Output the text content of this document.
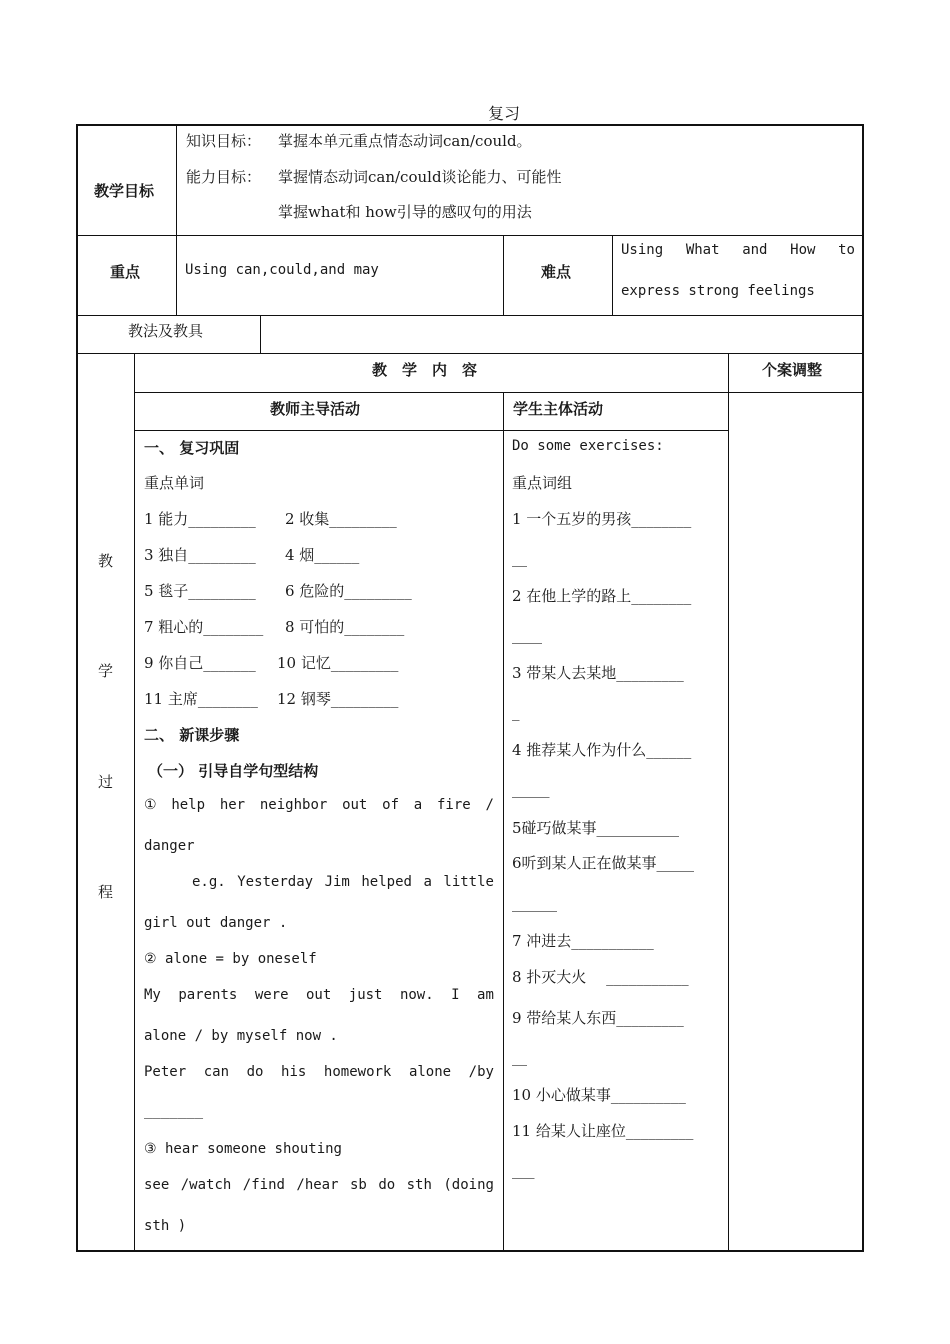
复习
教学目标
知识目标： 掌握本单元重点情态动词can/could。
能力目标： 掌握情态动词can/could谈论能力、可能性
掌握what和 how引导的感叹句的用法
重点	Using can,could,and may	难点
Using What and How to
express strong feelings
教法及教具
教
学
过
程
教　学　内　容	个案调整
教师主导活动	学生主体活动
一、 复习巩固
重点单词
1 能力_________ 2 收集_________
3 独自_________ 4 烟______
5 毯子_________ 6 危险的_________
7 粗心的________ 8 可怕的________
9 你自己_______ 10 记忆_________
11 主席________ 12 钢琴_________
二、 新课步骤
（一） 引导自学句型结构
① help her neighbor out of a fire /
danger
e.g. Yesterday Jim helped a little
girl out danger .
② alone = by oneself
My parents were out just now. I am
alone / by myself now .
Peter can do his homework alone /by
_______
③ hear someone shouting
see /watch /find /hear sb do sth (doing
sth )
Do some exercises:
重点词组
1 一个五岁的男孩________
__
2 在他上学的路上________
____
3 带某人去某地_________
_
4 推荐某人作为什么______
_____
5碰巧做某事___________
6听到某人正在做某事_____
______
7 冲进去___________
8 扑灭大火　 ___________
9 带给某人东西_________
__
10 小心做某事__________
11 给某人让座位_________
___
